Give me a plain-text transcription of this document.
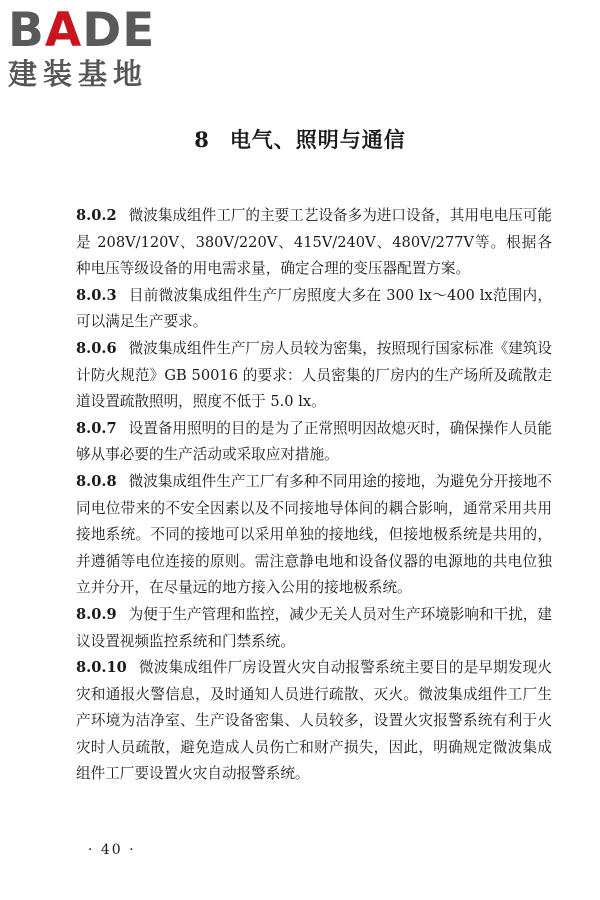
BADE
建装基地
8 电气、照明与通信

8.0.2 微波集成组件工厂的主要工艺设备多为进口设备，其用电电压可能是 208V/120V、380V/220V、415V/240V、480V/277V等。根据各种电压等级设备的用电需求量，确定合理的变压器配置方案。

8.0.3 目前微波集成组件生产厂房照度大多在 300 lx～400 lx范围内，可以满足生产要求。

8.0.6 微波集成组件生产厂房人员较为密集，按照现行国家标准《建筑设计防火规范》GB 50016 的要求：人员密集的厂房内的生产场所及疏散走道设置疏散照明，照度不低于 5.0 lx。

8.0.7 设置备用照明的目的是为了正常照明因故熄灭时，确保操作人员能够从事必要的生产活动或采取应对措施。

8.0.8 微波集成组件生产工厂有多种不同用途的接地，为避免分开接地不同电位带来的不安全因素以及不同接地导体间的耦合影响，通常采用共用接地系统。不同的接地可以采用单独的接地线，但接地极系统是共用的，并遵循等电位连接的原则。需注意静电地和设备仪器的电源地的共电位独立并分开，在尽量远的地方接入公用的接地极系统。

8.0.9 为便于生产管理和监控，减少无关人员对生产环境影响和干扰，建议设置视频监控系统和门禁系统。

8.0.10 微波集成组件厂房设置火灾自动报警系统主要目的是早期发现火灾和通报火警信息，及时通知人员进行疏散、灭火。微波集成组件工厂生产环境为洁净室、生产设备密集、人员较多，设置火灾报警系统有利于火灾时人员疏散，避免造成人员伤亡和财产损失，因此，明确规定微波集成组件工厂要设置火灾自动报警系统。

· 40 ·
